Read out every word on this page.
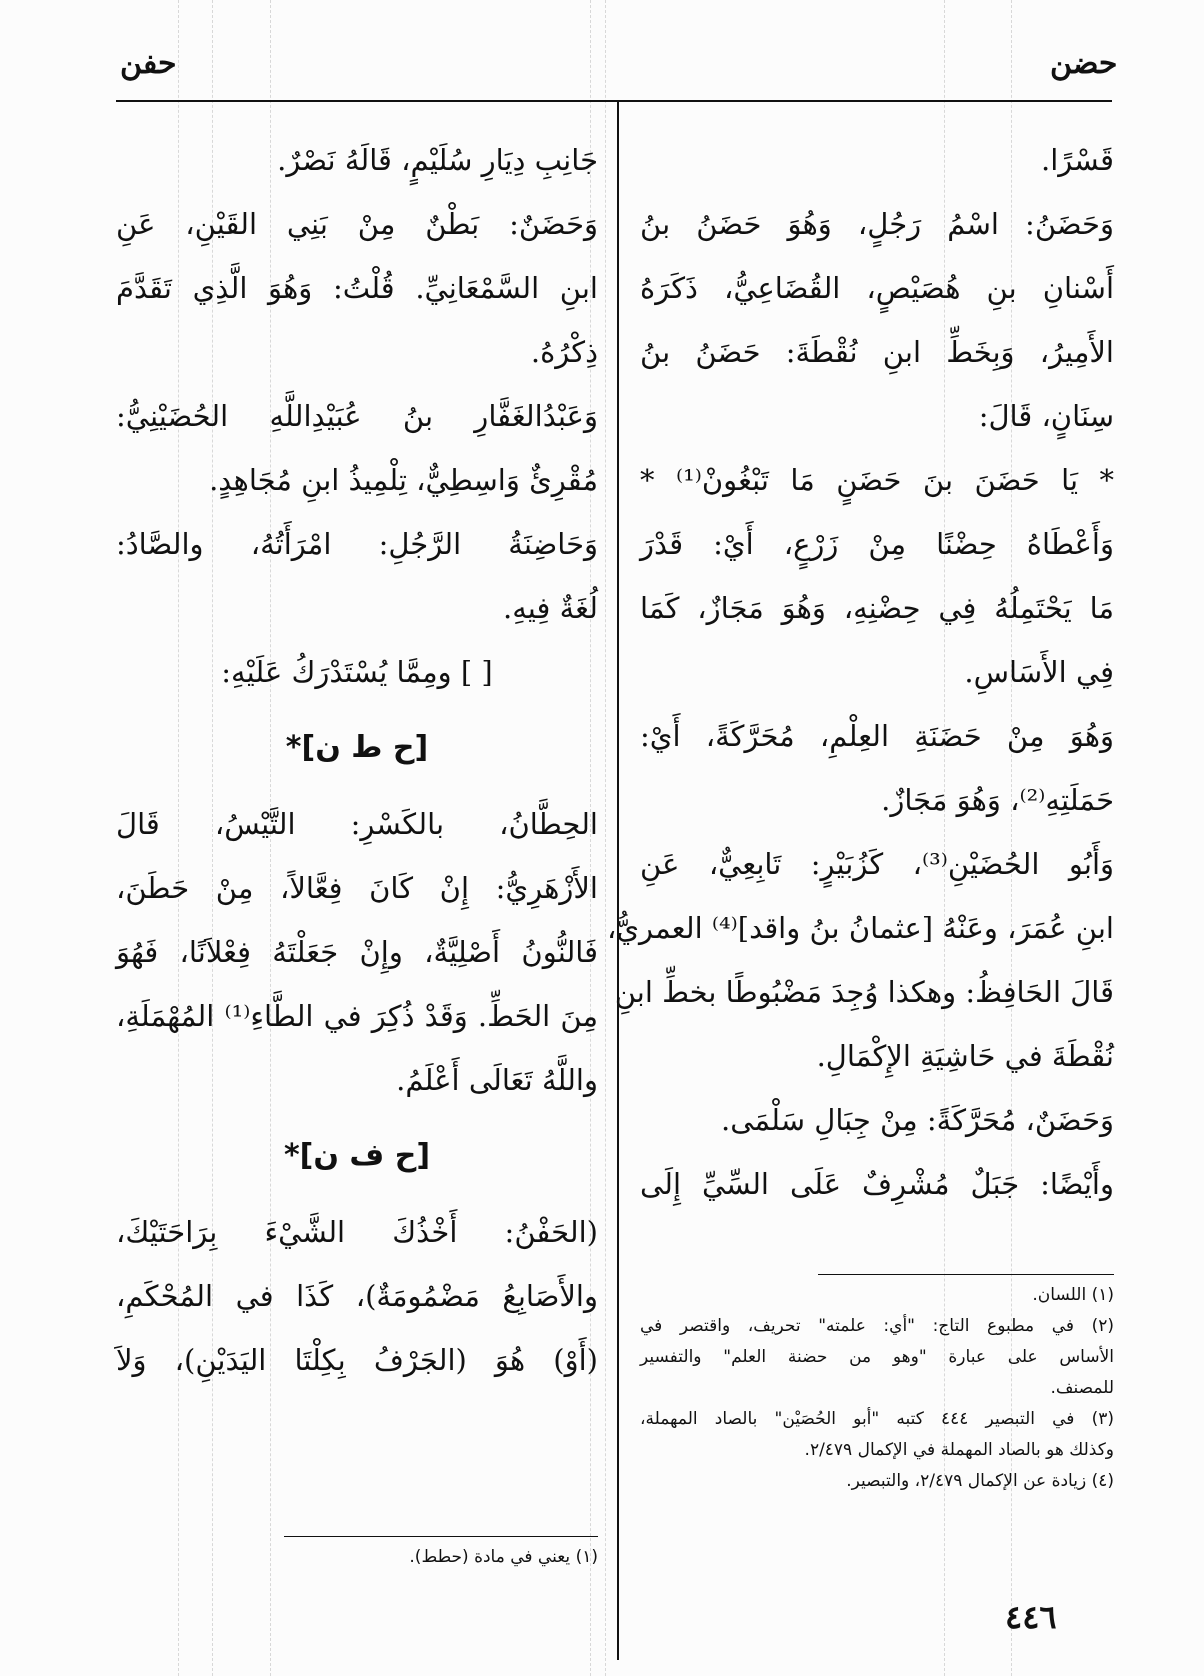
حضن
حفن
قَسْرًا.
وَحَضَنُ: اسْمُ رَجُلٍ، وَهُوَ حَضَنُ بنُ
أَسْنانِ بنِ هُصَيْصٍ، القُضَاعِيُّ، ذَكَرَهُ
الأَمِيرُ، وَبِخَطِّ ابنِ نُقْطَةَ: حَضَنُ بنُ
سِنَانٍ، قَالَ:
* يَا حَضَنَ بنَ حَضَنٍ مَا تَبْغُونْ⁽¹⁾ *
وَأَعْطَاهُ حِضْنًا مِنْ زَرْعٍ، أَيْ: قَدْرَ
مَا يَحْتَمِلُهُ فِي حِضْنِهِ، وَهُوَ مَجَازٌ، كَمَا
فِي الأَسَاسِ.
وَهُوَ مِنْ حَضَنَةِ العِلْمِ، مُحَرَّكَةً، أَيْ:
حَمَلَتِهِ⁽²⁾، وَهُوَ مَجَازٌ.
وَأَبُو الحُضَيْنِ⁽³⁾، كَزُبَيْرٍ: تَابِعِيٌّ، عَنِ
ابنِ عُمَرَ، وعَنْهُ [عثمانُ بنُ واقد]⁽⁴⁾ العمريُّ،
قَالَ الحَافِظُ: وهكذا وُجِدَ مَضْبُوطًا بخطِّ ابنِ
نُقْطَةَ في حَاشِيَةِ الإِكْمَالِ.
وَحَضَنٌ، مُحَرَّكَةً: مِنْ جِبَالِ سَلْمَى.
وأَيْضًا: جَبَلٌ مُشْرِفٌ عَلَى السِّيِّ إِلَى
(١) اللسان.
(٢) في مطبوع التاج: "أي: علمته" تحريف، واقتصر في
الأساس على عبارة "وهو من حضنة العلم" والتفسير
للمصنف.
(٣) في التبصير ٤٤٤ كتبه "أبو الحُصَيْن" بالصاد المهملة،
وكذلك هو بالصاد المهملة في الإكمال ٢/٤٧٩.
(٤) زيادة عن الإكمال ٢/٤٧٩، والتبصير.
جَانِبِ دِيَارِ سُلَيْمٍ، قَالَهُ نَصْرٌ.
وَحَضَنٌ: بَطْنٌ مِنْ بَنِي القَيْنِ، عَنِ
ابنِ السَّمْعَانِيِّ. قُلْتُ: وَهُوَ الَّذِي تَقَدَّمَ
ذِكْرُهُ.
وَعَبْدُالغَفَّارِ بنُ عُبَيْدِاللَّهِ الحُضَيْنِيُّ:
مُقْرِئٌ وَاسِطِيٌّ، تِلْمِيذُ ابنِ مُجَاهِدٍ.
وَحَاضِنَةُ الرَّجُلِ: امْرَأَتُهُ، والصَّادُ:
لُغَةٌ فِيهِ.
[ ] ومِمَّا يُسْتَدْرَكُ عَلَيْهِ:
[ح ط ن]*
الحِطَّانُ، بالكَسْرِ: التَّيْسُ، قَالَ
الأَزْهَرِيُّ: إِنْ كَانَ فِعَّالاً، مِنْ حَطَنَ،
فَالنُّونُ أَصْلِيَّةٌ، وإِنْ جَعَلْتَهُ فِعْلاَنًا، فَهُوَ
مِنَ الحَطِّ. وَقَدْ ذُكِرَ في الطَّاءِ⁽¹⁾ المُهْمَلَةِ،
واللَّهُ تَعَالَى أَعْلَمُ.
[ح ف ن]*
(الحَفْنُ: أَخْذُكَ الشَّيْءَ بِرَاحَتَيْكَ،
والأَصَابِعُ مَضْمُومَةٌ)، كَذَا في المُحْكَمِ،
(أَوْ) هُوَ (الجَرْفُ بِكِلْتَا اليَدَيْنِ)، وَلاَ
(١) يعني في مادة (حطط).
٤٤٦
